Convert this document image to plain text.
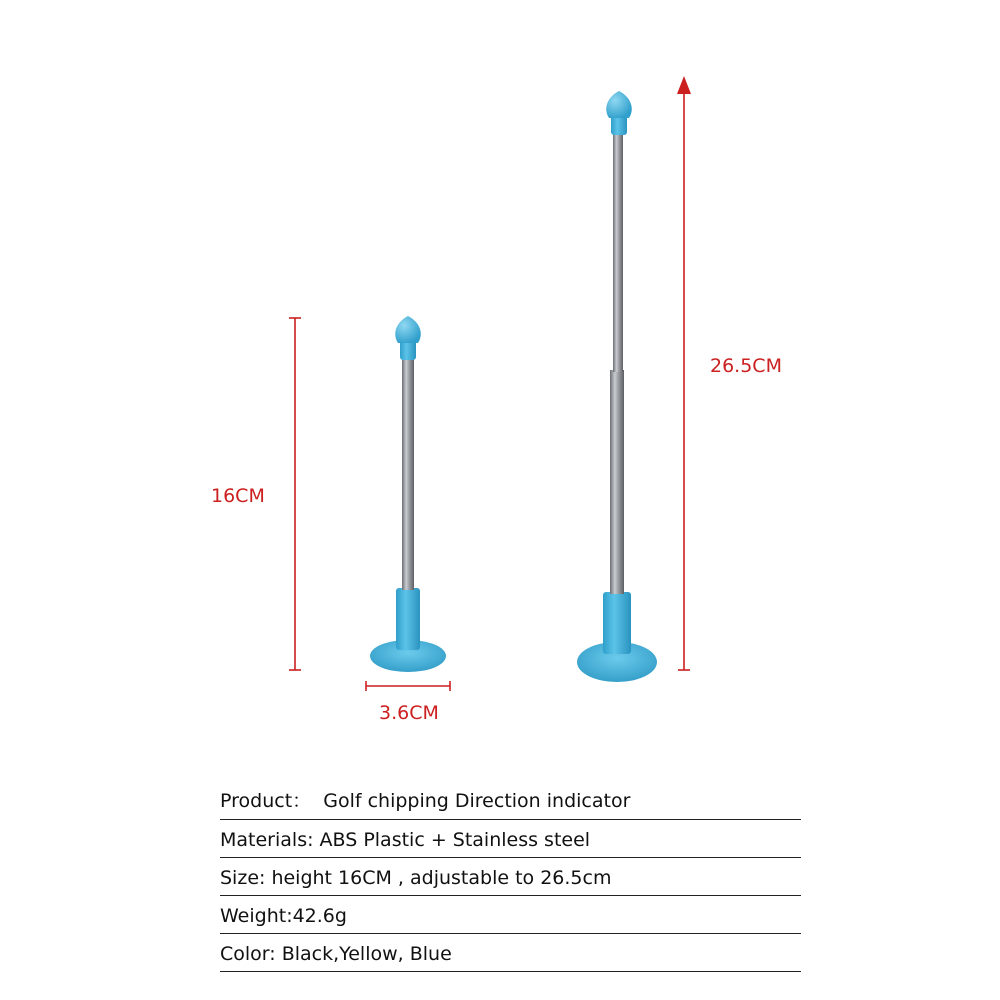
16CM
3.6CM
26.5CM
Product：  Golf chipping Direction indicator
Materials: ABS Plastic + Stainless steel
Size: height 16CM , adjustable to 26.5cm
Weight:42.6g
Color: Black,Yellow, Blue
